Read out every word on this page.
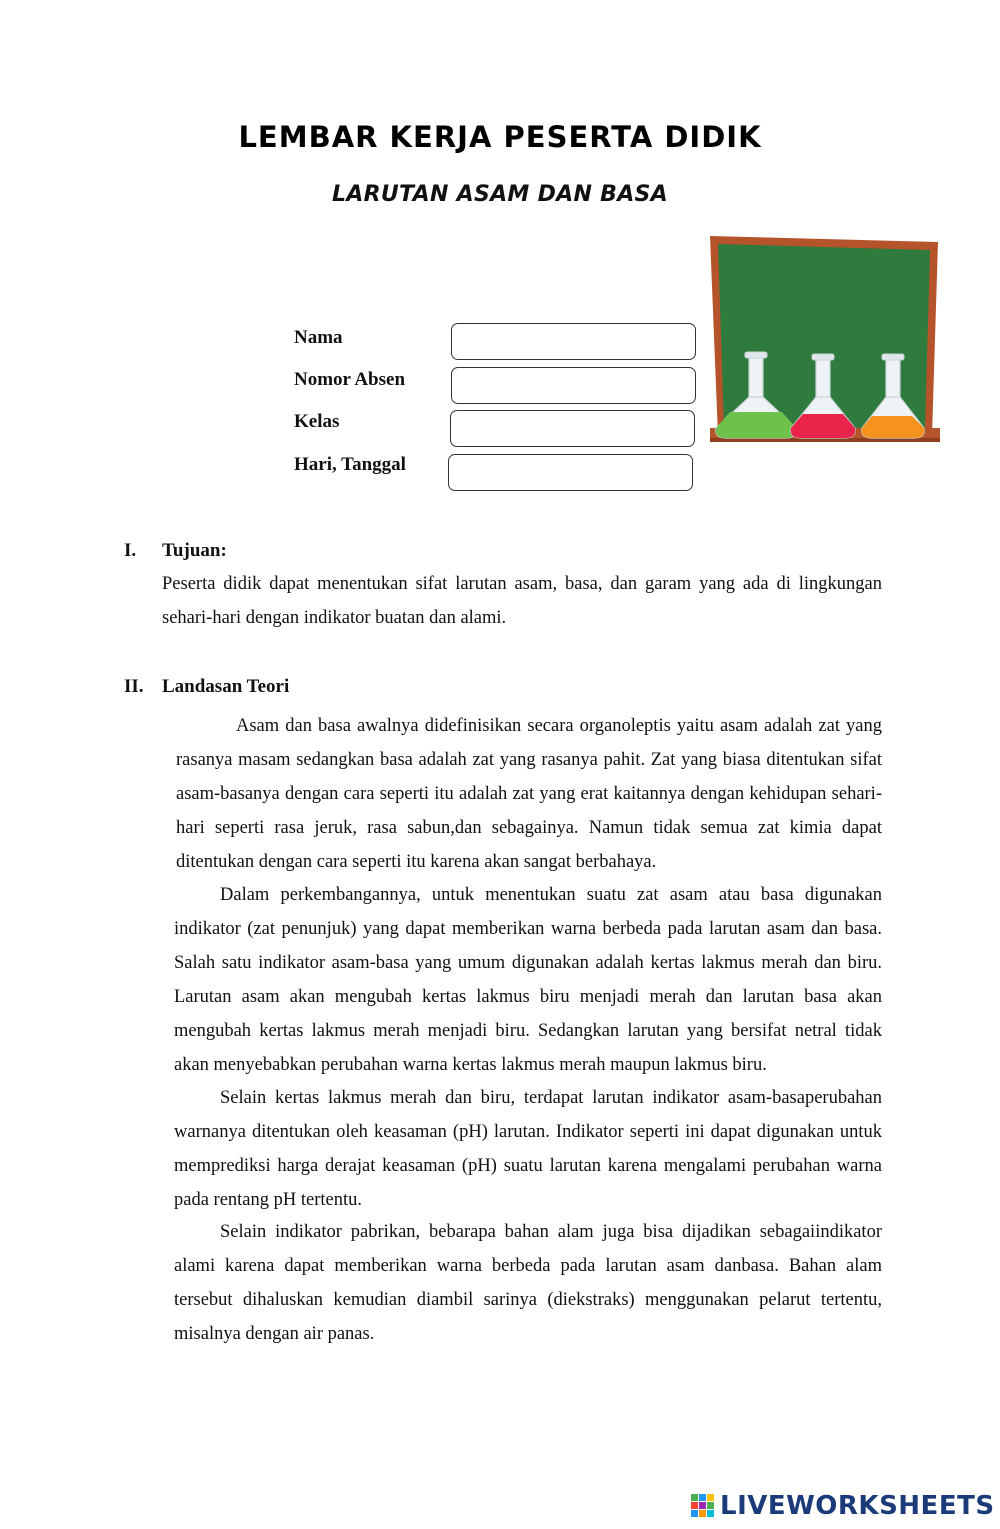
LEMBAR KERJA PESERTA DIDIK
LARUTAN ASAM DAN BASA
Nama
Nomor Absen
Kelas
Hari, Tanggal
I. Tujuan:

Peserta didik dapat menentukan sifat larutan asam, basa, dan garam yang ada di lingkungan sehari-hari dengan indikator buatan dan alami.

II. Landasan Teori

Asam dan basa awalnya didefinisikan secara organoleptis yaitu asam adalah zat yang rasanya masam sedangkan basa adalah zat yang rasanya pahit. Zat yang biasa ditentukan sifat asam-basanya dengan cara seperti itu adalah zat yang erat kaitannya dengan kehidupan sehari-hari seperti rasa jeruk, rasa sabun,dan sebagainya. Namun tidak semua zat kimia dapat ditentukan dengan cara seperti itu karena akan sangat berbahaya.

Dalam perkembangannya, untuk menentukan suatu zat asam atau basa digunakan indikator (zat penunjuk) yang dapat memberikan warna berbeda pada larutan asam dan basa. Salah satu indikator asam-basa yang umum digunakan adalah kertas lakmus merah dan biru. Larutan asam akan mengubah kertas lakmus biru menjadi merah dan larutan basa akan mengubah kertas lakmus merah menjadi biru. Sedangkan larutan yang bersifat netral tidak akan menyebabkan perubahan warna kertas lakmus merah maupun lakmus biru.

Selain kertas lakmus merah dan biru, terdapat larutan indikator asam-basaperubahan warnanya ditentukan oleh keasaman (pH) larutan. Indikator seperti ini dapat digunakan untuk memprediksi harga derajat keasaman (pH) suatu larutan karena mengalami perubahan warna pada rentang pH tertentu.

Selain indikator pabrikan, bebarapa bahan alam juga bisa dijadikan sebagaiindikator alami karena dapat memberikan warna berbeda pada larutan asam danbasa. Bahan alam tersebut dihaluskan kemudian diambil sarinya (diekstraks) menggunakan pelarut tertentu, misalnya dengan air panas.

LIVEWORKSHEETS
